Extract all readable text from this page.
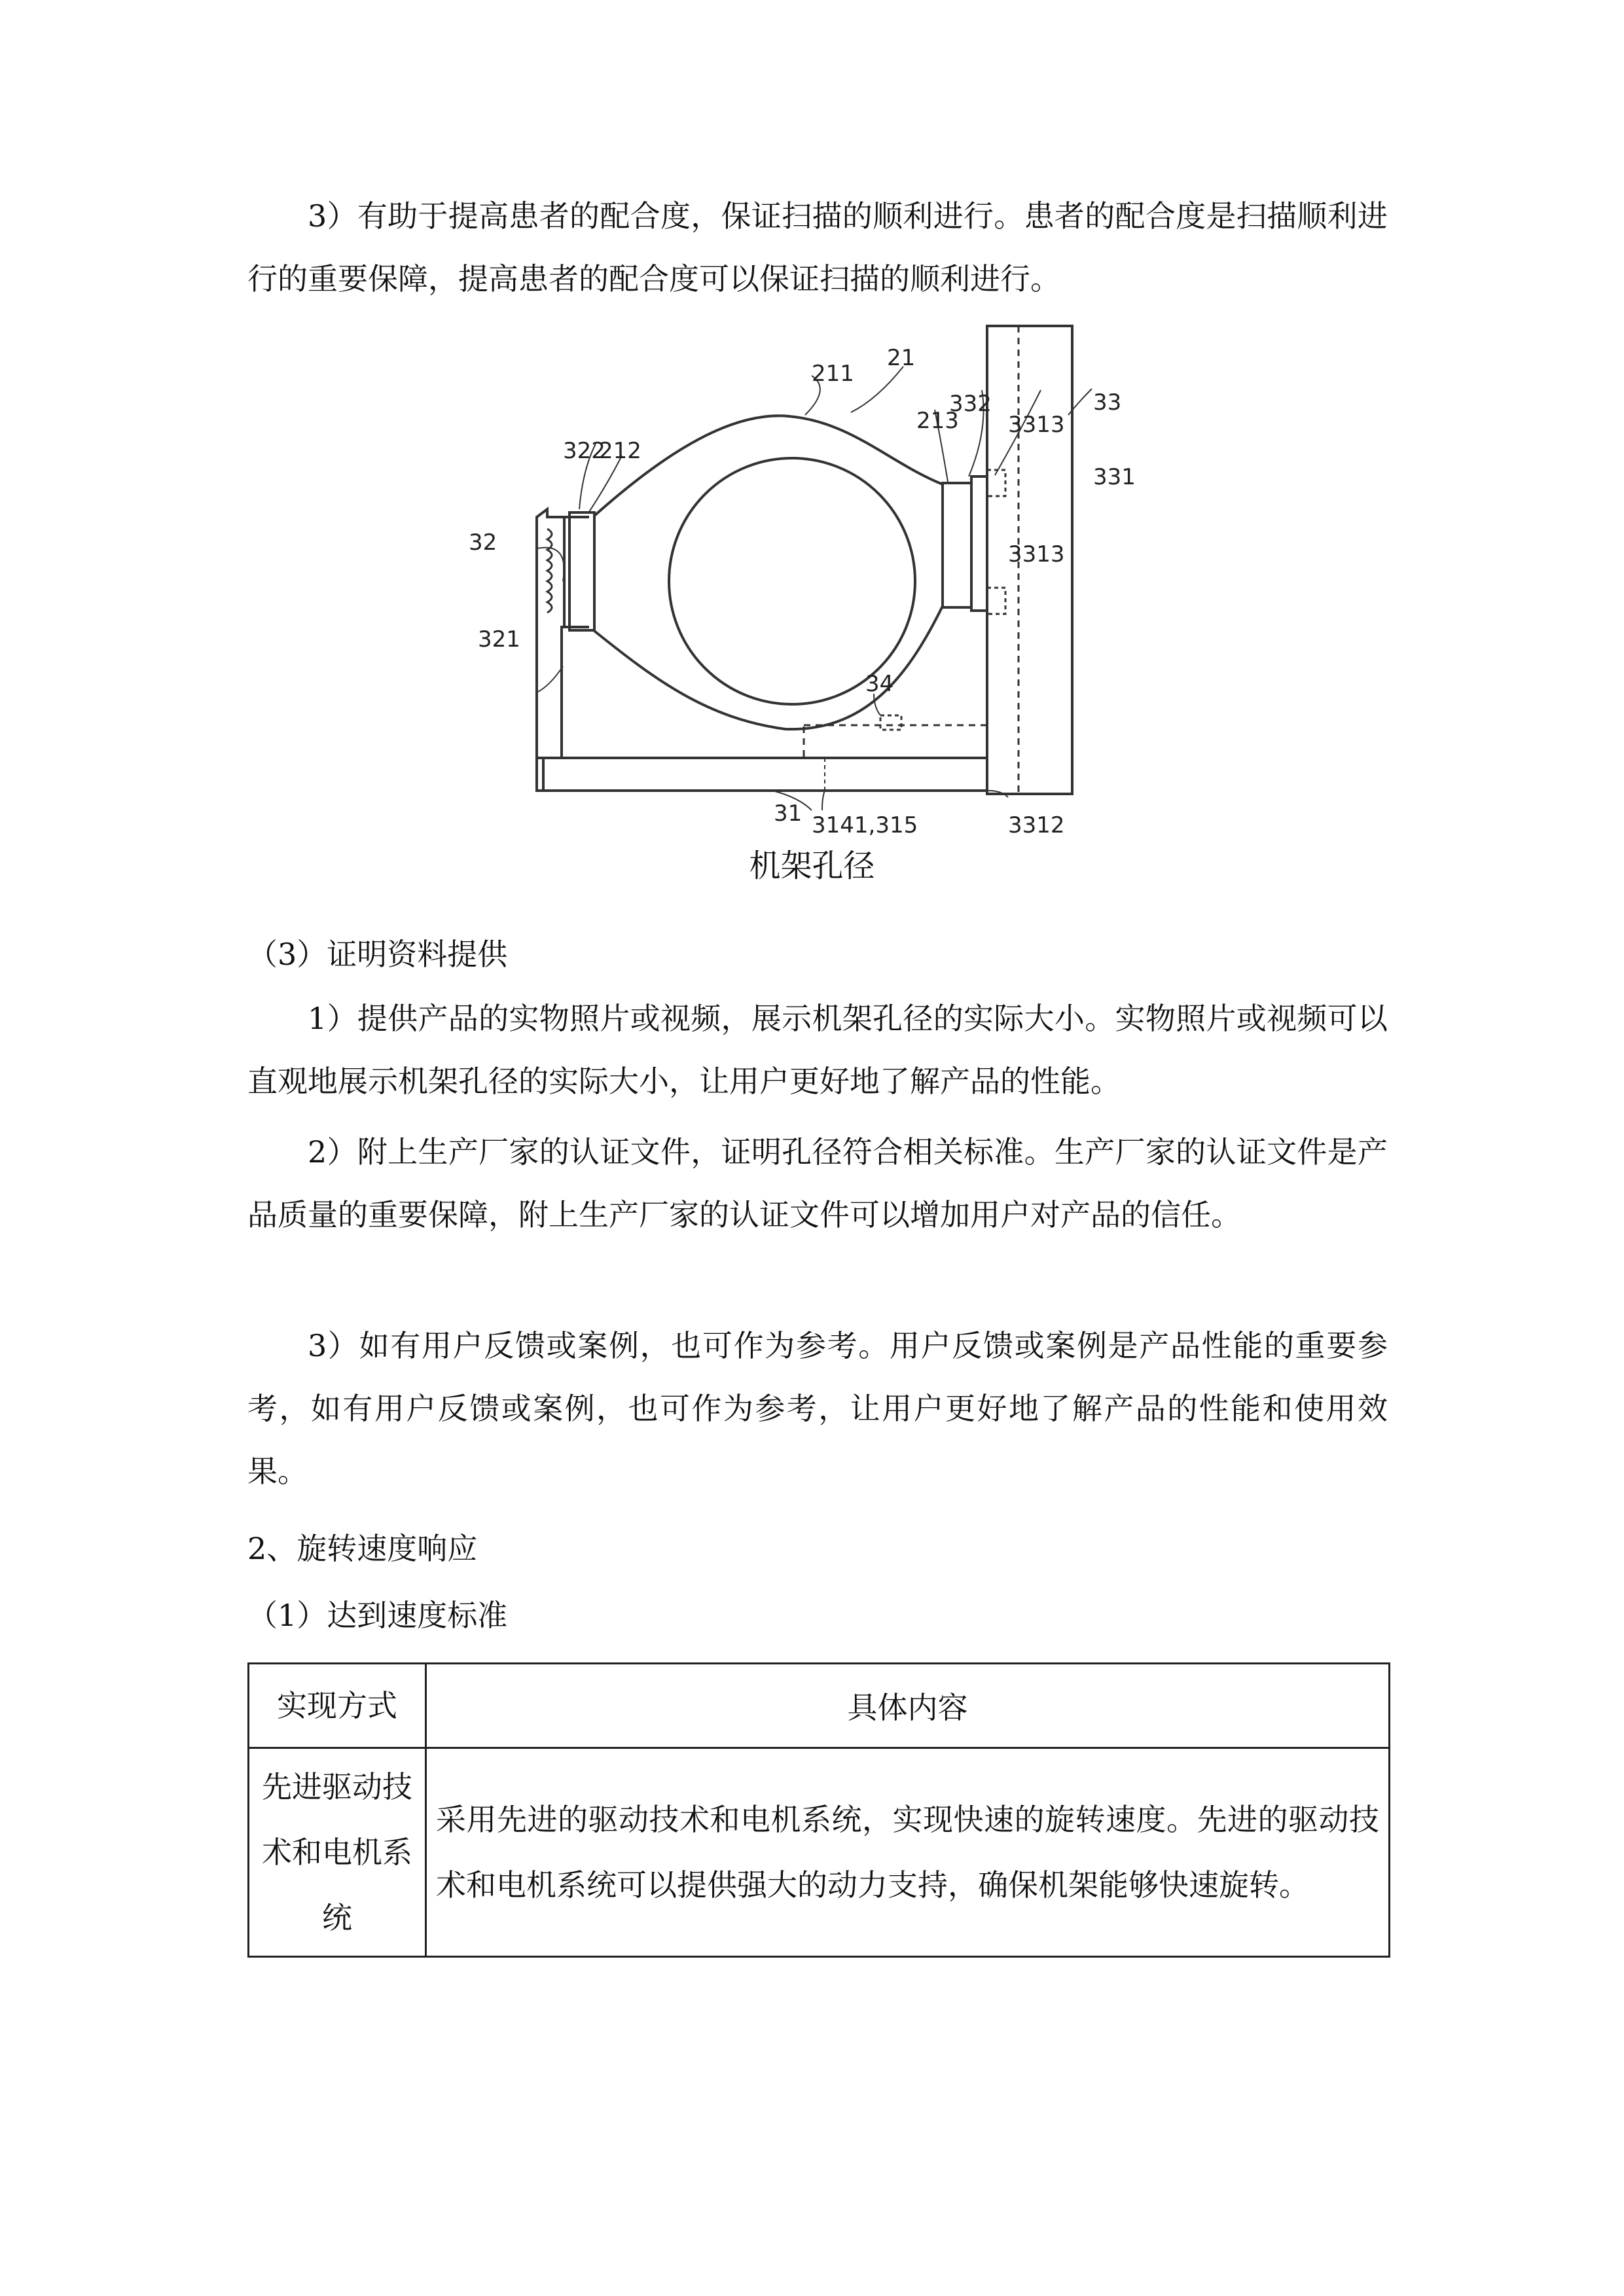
3）有助于提高患者的配合度，保证扫描的顺利进行。患者的配合度是扫描顺利进行的重要保障，提高患者的配合度可以保证扫描的顺利进行。

211
21
332
213 3313
33
322
212
331
32	3313
321
34
31 3141,315	3312
机架孔径

（3）证明资料提供

1）提供产品的实物照片或视频，展示机架孔径的实际大小。实物照片或视频可以直观地展示机架孔径的实际大小，让用户更好地了解产品的性能。

2）附上生产厂家的认证文件，证明孔径符合相关标准。生产厂家的认证文件是产品质量的重要保障，附上生产厂家的认证文件可以增加用户对产品的信任。

3）如有用户反馈或案例，也可作为参考。用户反馈或案例是产品性能的重要参考，如有用户反馈或案例，也可作为参考，让用户更好地了解产品的性能和使用效果。

2、旋转速度响应

（1）达到速度标准

实现方式	具体内容
先进驱动技术和电机系统	采用先进的驱动技术和电机系统，实现快速的旋转速度。先进的驱动技术和电机系统可以提供强大的动力支持，确保机架能够快速旋转。
